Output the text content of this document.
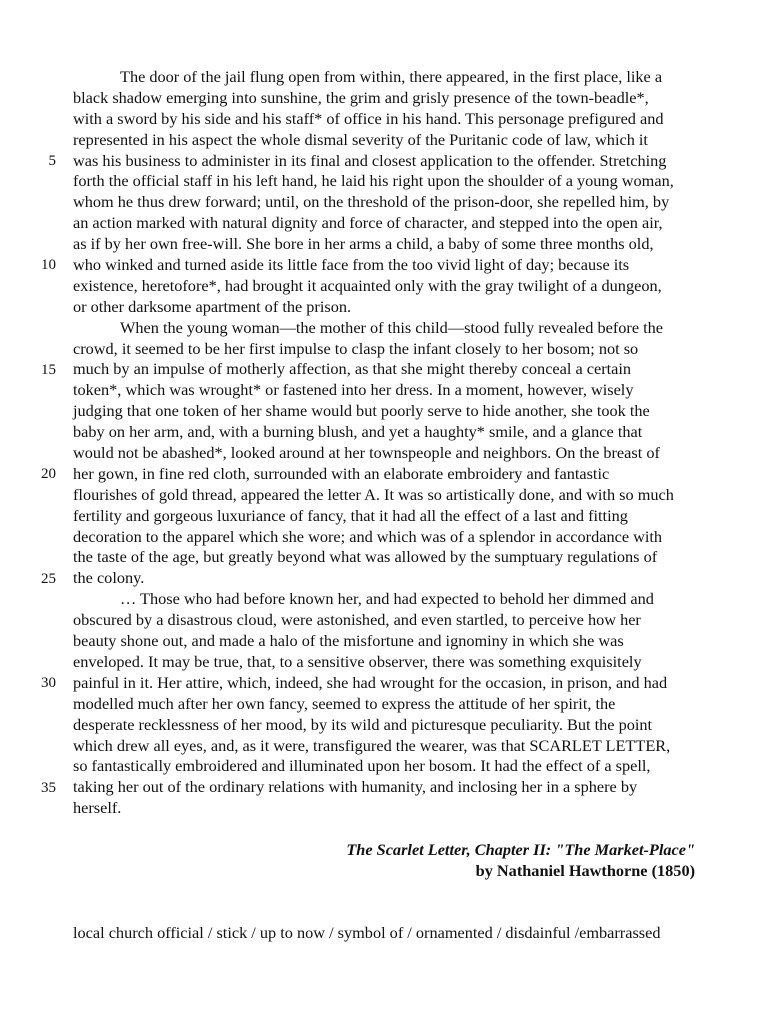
5
10
15
20
25
30
35
The door of the jail flung open from within, there appeared, in the first place, like a
black shadow emerging into sunshine, the grim and grisly presence of the town-beadle*,
with a sword by his side and his staff* of office in his hand. This personage prefigured and
represented in his aspect the whole dismal severity of the Puritanic code of law, which it
was his business to administer in its final and closest application to the offender. Stretching
forth the official staff in his left hand, he laid his right upon the shoulder of a young woman,
whom he thus drew forward; until, on the threshold of the prison-door, she repelled him, by
an action marked with natural dignity and force of character, and stepped into the open air,
as if by her own free-will. She bore in her arms a child, a baby of some three months old,
who winked and turned aside its little face from the too vivid light of day; because its
existence, heretofore*, had brought it acquainted only with the gray twilight of a dungeon,
or other darksome apartment of the prison.
When the young woman—the mother of this child—stood fully revealed before the
crowd, it seemed to be her first impulse to clasp the infant closely to her bosom; not so
much by an impulse of motherly affection, as that she might thereby conceal a certain
token*, which was wrought* or fastened into her dress. In a moment, however, wisely
judging that one token of her shame would but poorly serve to hide another, she took the
baby on her arm, and, with a burning blush, and yet a haughty* smile, and a glance that
would not be abashed*, looked around at her townspeople and neighbors. On the breast of
her gown, in fine red cloth, surrounded with an elaborate embroidery and fantastic
flourishes of gold thread, appeared the letter A. It was so artistically done, and with so much
fertility and gorgeous luxuriance of fancy, that it had all the effect of a last and fitting
decoration to the apparel which she wore; and which was of a splendor in accordance with
the taste of the age, but greatly beyond what was allowed by the sumptuary regulations of
the colony.
… Those who had before known her, and had expected to behold her dimmed and
obscured by a disastrous cloud, were astonished, and even startled, to perceive how her
beauty shone out, and made a halo of the misfortune and ignominy in which she was
enveloped. It may be true, that, to a sensitive observer, there was something exquisitely
painful in it. Her attire, which, indeed, she had wrought for the occasion, in prison, and had
modelled much after her own fancy, seemed to express the attitude of her spirit, the
desperate recklessness of her mood, by its wild and picturesque peculiarity. But the point
which drew all eyes, and, as it were, transfigured the wearer, was that SCARLET LETTER,
so fantastically embroidered and illuminated upon her bosom. It had the effect of a spell,
taking her out of the ordinary relations with humanity, and inclosing her in a sphere by
herself.
The Scarlet Letter, Chapter II: "The Market-Place"
by Nathaniel Hawthorne (1850)
local church official / stick / up to now / symbol of / ornamented / disdainful /embarrassed
